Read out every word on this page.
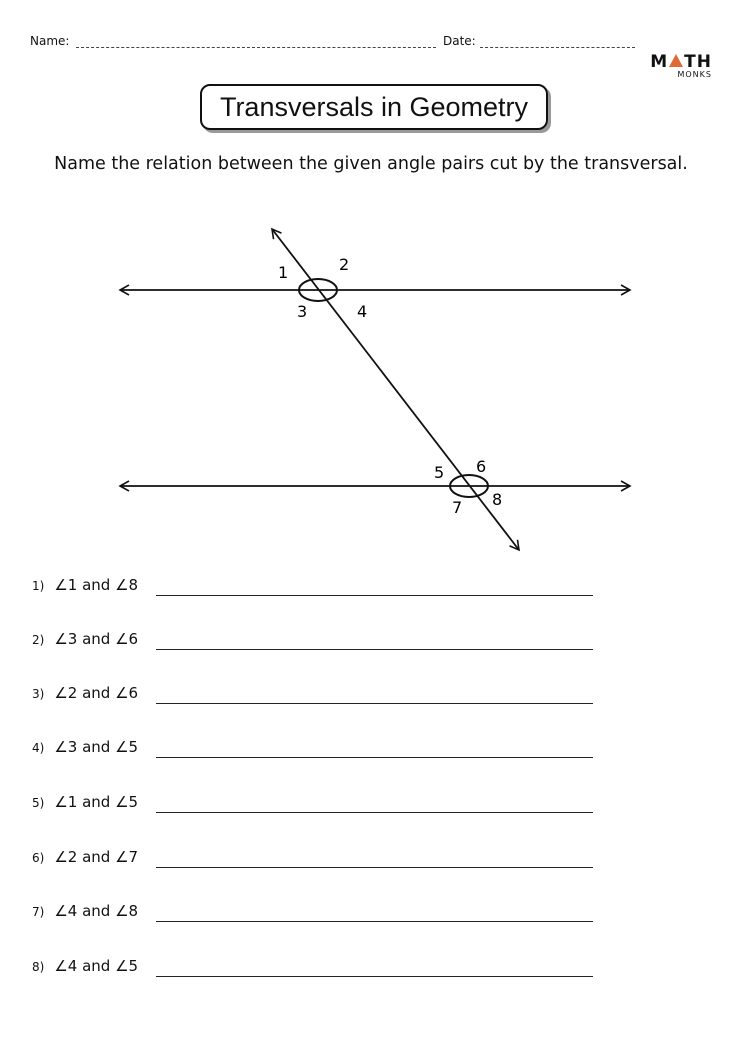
Name:	Date:
M TH
MONKS
Transversals in Geometry
Name the relation between the given angle pairs cut by the transversal.
1	2
3	4
5 6
7 8
1) ∠1 and ∠8
2) ∠3 and ∠6
3) ∠2 and ∠6
4) ∠3 and ∠5
5) ∠1 and ∠5
6) ∠2 and ∠7
7) ∠4 and ∠8
8) ∠4 and ∠5
